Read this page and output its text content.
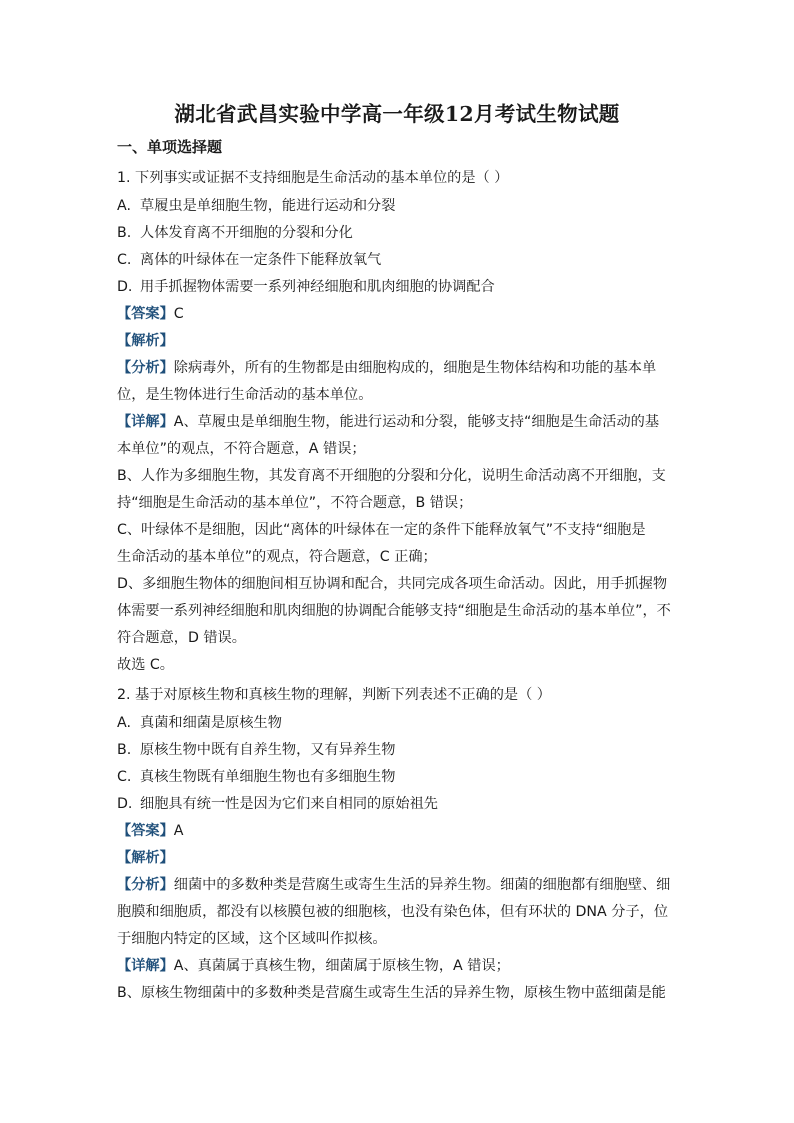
湖北省武昌实验中学高一年级12月考试生物试题
一、单项选择题
1. 下列事实或证据不支持细胞是生命活动的基本单位的是（ ）
A. 草履虫是单细胞生物，能进行运动和分裂
B. 人体发育离不开细胞的分裂和分化
C. 离体的叶绿体在一定条件下能释放氧气
D. 用手抓握物体需要一系列神经细胞和肌肉细胞的协调配合
【答案】C
【解析】
【分析】除病毒外，所有的生物都是由细胞构成的，细胞是生物体结构和功能的基本单
位，是生物体进行生命活动的基本单位。
【详解】A、草履虫是单细胞生物，能进行运动和分裂，能够支持“细胞是生命活动的基
本单位”的观点，不符合题意，A 错误；
B、人作为多细胞生物，其发育离不开细胞的分裂和分化，说明生命活动离不开细胞，支
持“细胞是生命活动的基本单位”，不符合题意，B 错误；
C、叶绿体不是细胞，因此“离体的叶绿体在一定的条件下能释放氧气”不支持“细胞是
生命活动的基本单位”的观点，符合题意，C 正确；
D、多细胞生物体的细胞间相互协调和配合，共同完成各项生命活动。因此，用手抓握物
体需要一系列神经细胞和肌肉细胞的协调配合能够支持“细胞是生命活动的基本单位”，不
符合题意，D 错误。
故选 C。
2. 基于对原核生物和真核生物的理解，判断下列表述不正确的是（ ）
A. 真菌和细菌是原核生物
B. 原核生物中既有自养生物，又有异养生物
C. 真核生物既有单细胞生物也有多细胞生物
D. 细胞具有统一性是因为它们来自相同的原始祖先
【答案】A
【解析】
【分析】细菌中的多数种类是营腐生或寄生生活的异养生物。细菌的细胞都有细胞壁、细
胞膜和细胞质，都没有以核膜包被的细胞核，也没有染色体，但有环状的 DNA 分子，位
于细胞内特定的区域，这个区域叫作拟核。
【详解】A、真菌属于真核生物，细菌属于原核生物，A 错误；
B、原核生物细菌中的多数种类是营腐生或寄生生活的异养生物，原核生物中蓝细菌是能
